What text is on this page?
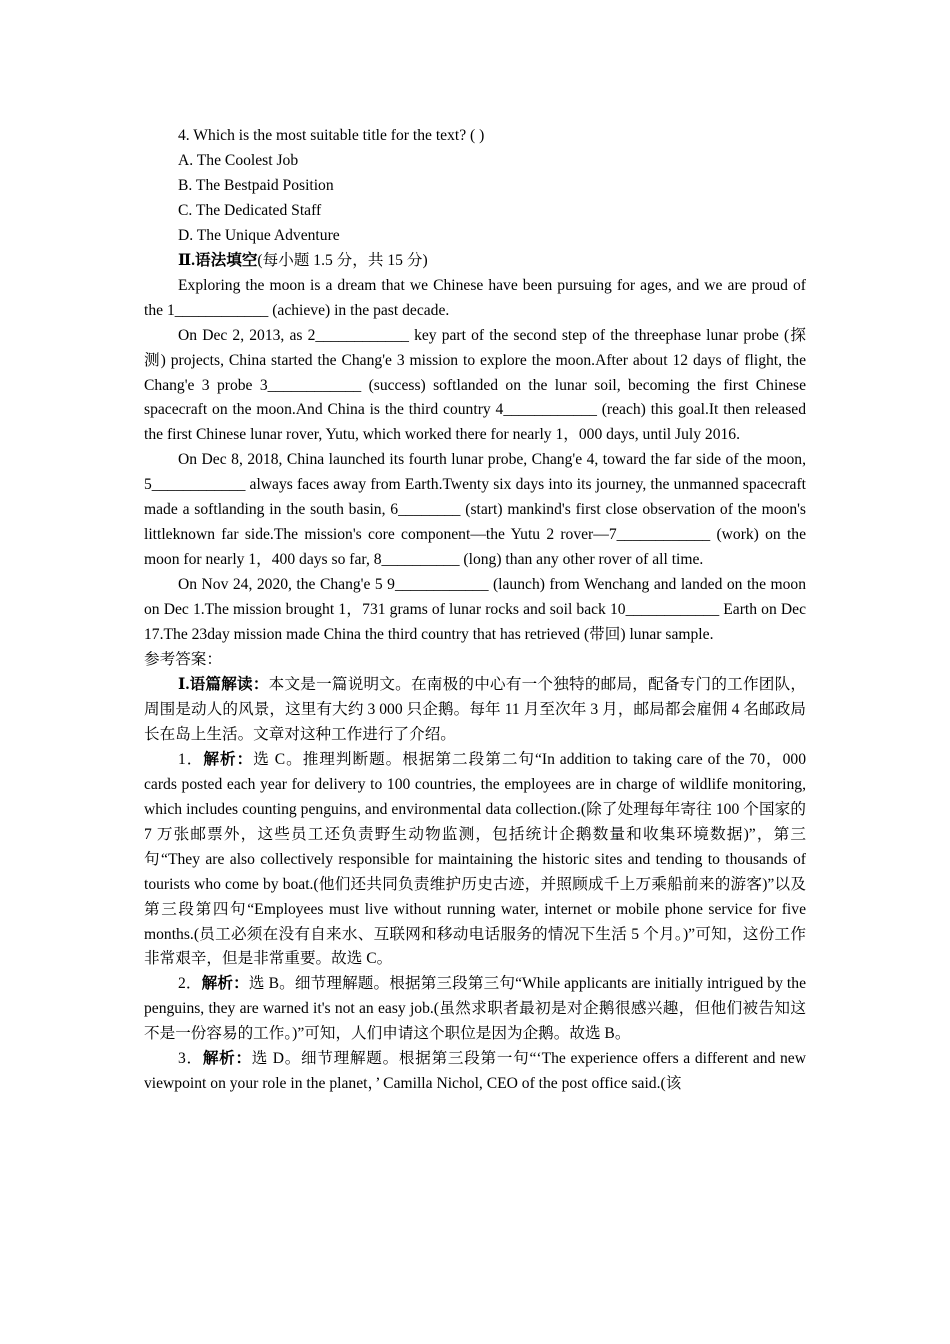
4. Which is the most suitable title for the text? ( )
A. The Coolest Job
B. The Bestpaid Position
C. The Dedicated Staff
D. The Unique Adventure
Ⅱ.语法填空(每小题 1.5 分，共 15 分)

Exploring the moon is a dream that we Chinese have been pursuing for ages, and we are proud of the 1____________ (achieve) in the past decade.

On Dec 2, 2013, as 2____________ key part of the second step of the threephase lunar probe (探 测) projects, China started the Chang'e 3 mission to explore the moon.After about 12 days of flight, the Chang'e 3 probe 3____________ (success) softlanded on the lunar soil, becoming the first Chinese spacecraft on the moon.And China is the third country 4____________ (reach) this goal.It then released the first Chinese lunar rover, Yutu, which worked there for nearly 1，000 days, until July 2016.

On Dec 8, 2018, China launched its fourth lunar probe, Chang'e 4, toward the far side of the moon, 5____________ always faces away from Earth.Twenty six days into its journey, the unmanned spacecraft made a softlanding in the south basin, 6________ (start) mankind's first close observation of the moon's littleknown far side.The mission's core component—the Yutu 2 rover—7____________ (work) on the moon for nearly 1，400 days so far, 8__________ (long) than any other rover of all time.

On Nov 24, 2020, the Chang'e 5 9____________ (launch) from Wenchang and landed on the moon on Dec 1.The mission brought 1，731 grams of lunar rocks and soil back 10____________ Earth on Dec 17.The 23day mission made China the third country that has retrieved (带回) lunar sample.

参考答案：

Ⅰ.语篇解读：本文是一篇说明文。在南极的中心有一个独特的邮局，配备专门的工作团队，周围是动人的风景，这里有大约 3 000 只企鹅。每年 11 月至次年 3 月，邮局都会雇佣 4 名邮政局长在岛上生活。文章对这种工作进行了介绍。

1．解析：选 C。推理判断题。根据第二段第二句“In addition to taking care of the 70，000 cards posted each year for delivery to 100 countries, the employees are in charge of wildlife monitoring, which includes counting penguins, and environmental data collection.(除了处理每年寄往 100 个国家的 7 万张邮票外，这些员工还负责野生动物监测，包括统计企鹅数量和收集环境数据)”，第三句“They are also collectively responsible for maintaining the historic sites and tending to thousands of tourists who come by boat.(他们还共同负责维护历史古迹，并照顾成千上万乘船前来的游客)”以及第三段第四句“Employees must live without running water, internet or mobile phone service for five months.(员工必须在没有自来水、互联网和移动电话服务的情况下生活 5 个月。)”可知，这份工作非常艰辛，但是非常重要。故选 C。

2．解析：选 B。细节理解题。根据第三段第三句“While applicants are initially intrigued by the penguins, they are warned it's not an easy job.(虽然求职者最初是对企鹅很感兴趣，但他们被告知这不是一份容易的工作。)”可知，人们申请这个职位是因为企鹅。故选 B。

3．解析：选 D。细节理解题。根据第三段第一句“‘The experience offers a different and new viewpoint on your role in the planet，’ Camilla Nichol, CEO of the post office said.(该
